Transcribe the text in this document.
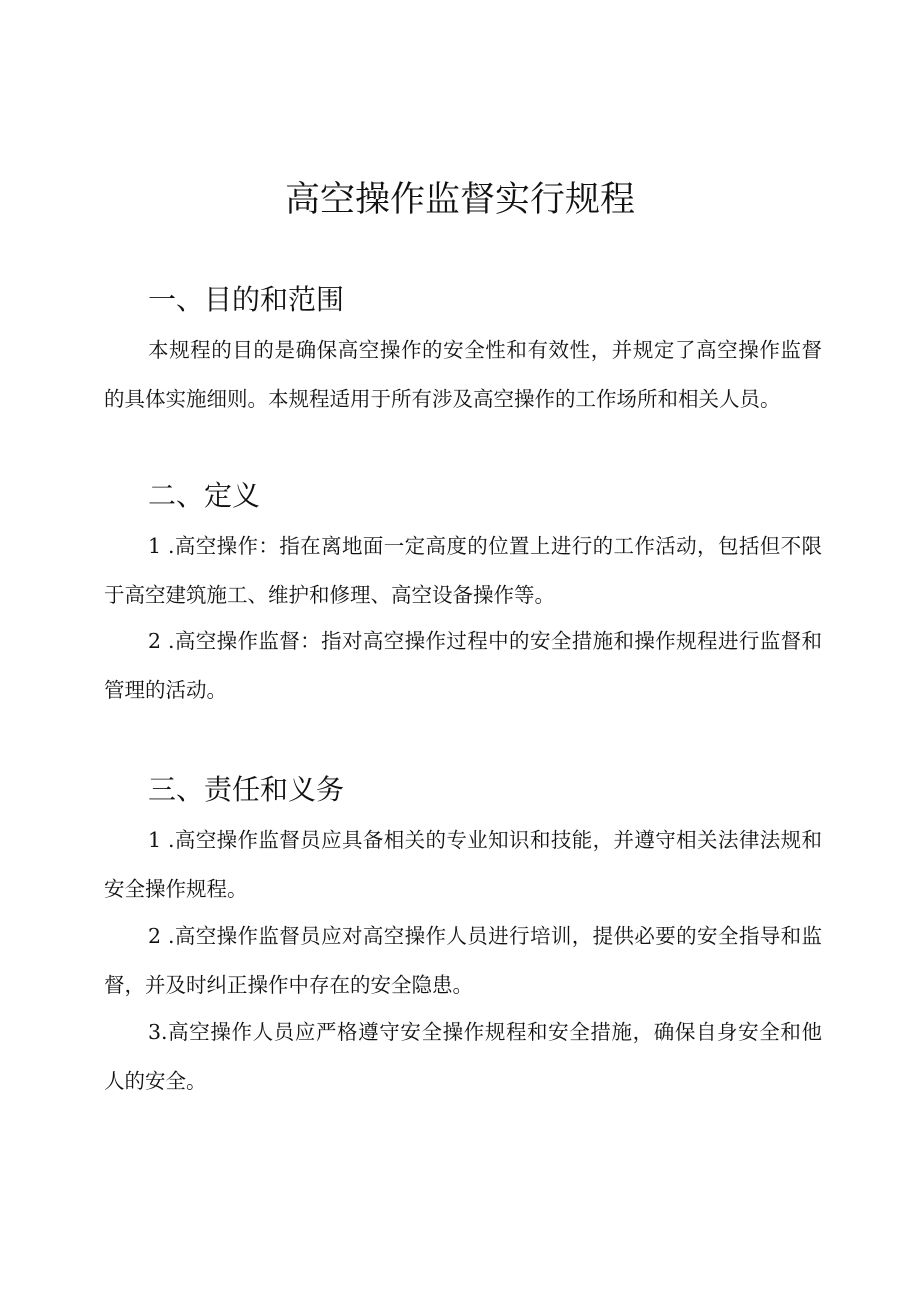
高空操作监督实行规程
一、目的和范围

本规程的目的是确保高空操作的安全性和有效性，并规定了高空操作监督的具体实施细则。本规程适用于所有涉及高空操作的工作场所和相关人员。

二、定义

1 .高空操作：指在离地面一定高度的位置上进行的工作活动，包括但不限于高空建筑施工、维护和修理、高空设备操作等。

2 .高空操作监督：指对高空操作过程中的安全措施和操作规程进行监督和管理的活动。

三、责任和义务

1 .高空操作监督员应具备相关的专业知识和技能，并遵守相关法律法规和安全操作规程。

2 .高空操作监督员应对高空操作人员进行培训，提供必要的安全指导和监督，并及时纠正操作中存在的安全隐患。

3.高空操作人员应严格遵守安全操作规程和安全措施，确保自身安全和他人的安全。
